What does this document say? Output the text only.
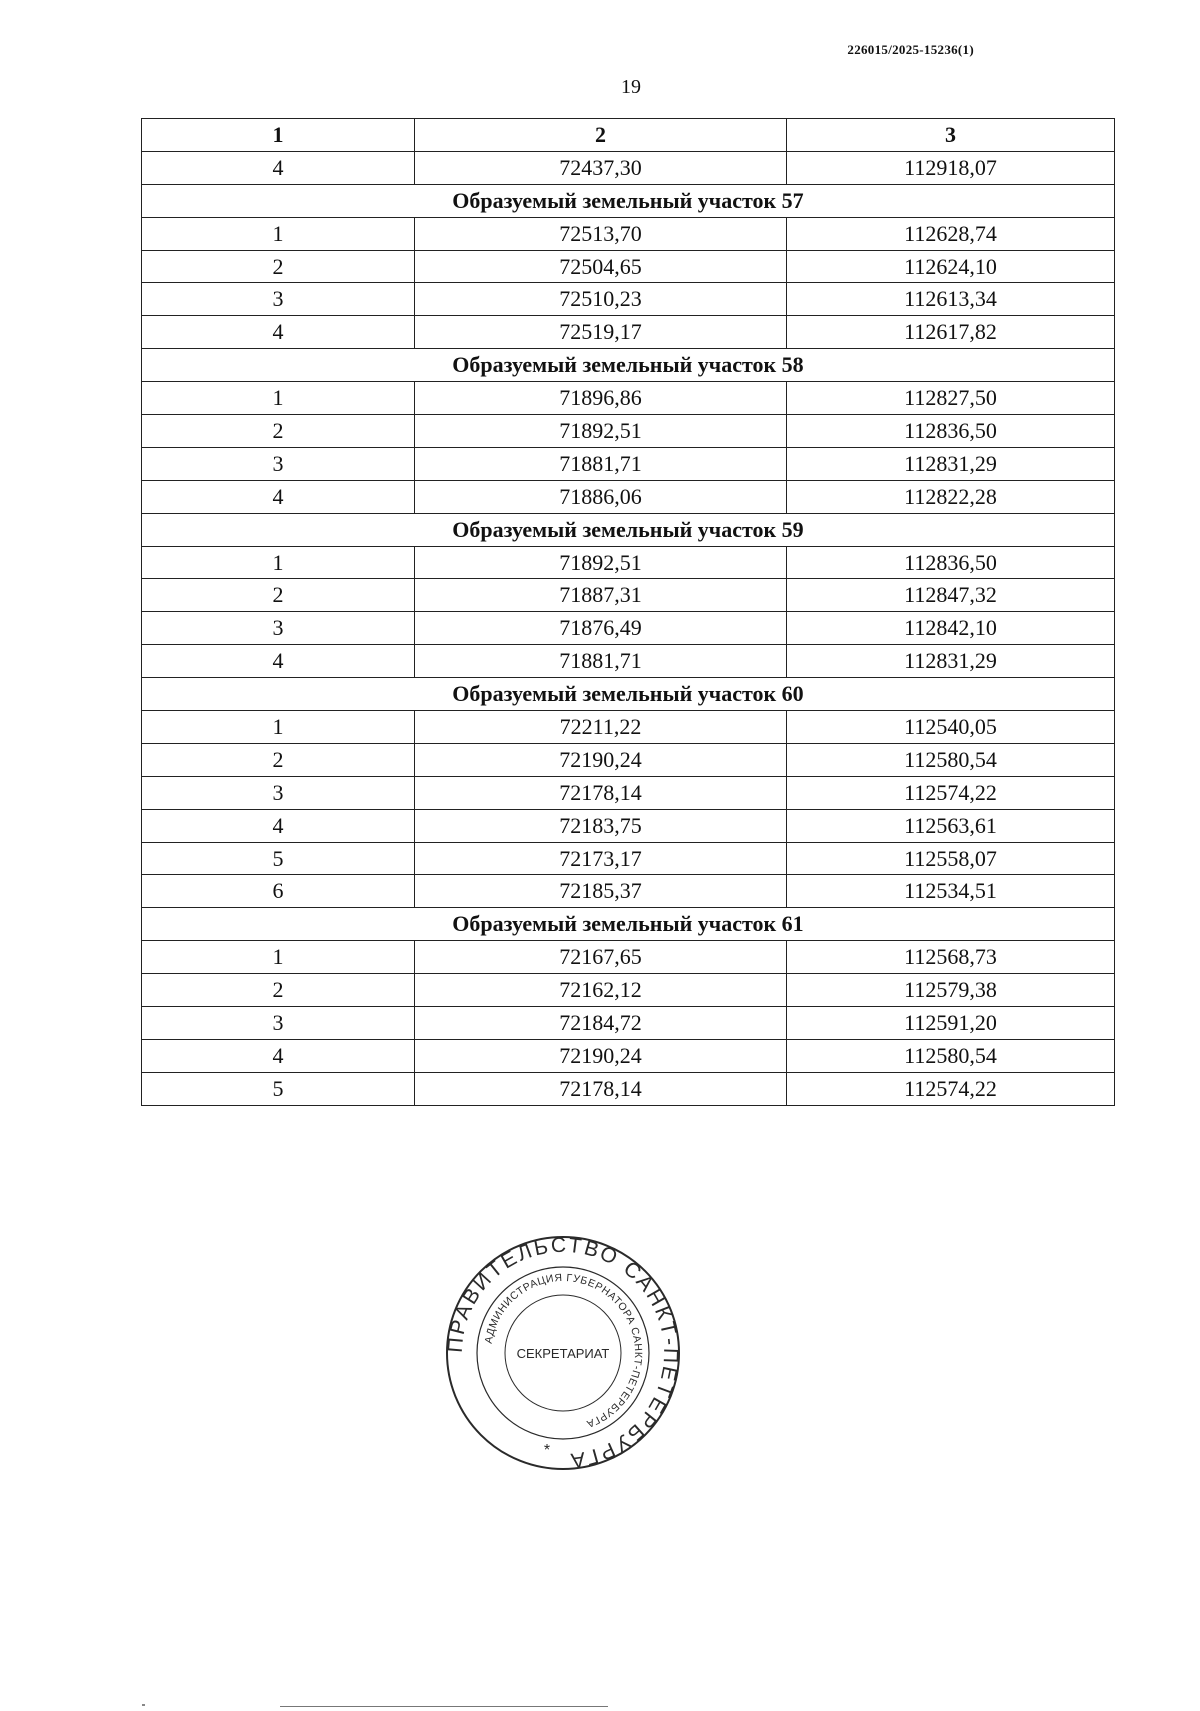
226015/2025-15236(1)
19
1	2	3
4	72437,30	112918,07
Образуемый земельный участок 57		
1	72513,70	112628,74
2	72504,65	112624,10
3	72510,23	112613,34
4	72519,17	112617,82
Образуемый земельный участок 58		
1	71896,86	112827,50
2	71892,51	112836,50
3	71881,71	112831,29
4	71886,06	112822,28
Образуемый земельный участок 59		
1	71892,51	112836,50
2	71887,31	112847,32
3	71876,49	112842,10
4	71881,71	112831,29
Образуемый земельный участок 60		
1	72211,22	112540,05
2	72190,24	112580,54
3	72178,14	112574,22
4	72183,75	112563,61
5	72173,17	112558,07
6	72185,37	112534,51
Образуемый земельный участок 61		
1	72167,65	112568,73
2	72162,12	112579,38
3	72184,72	112591,20
4	72190,24	112580,54
5	72178,14	112574,22
ПРАВИТЕЛЬСТВО САНКТ-ПЕТЕРБУРГА
АДМИНИСТРАЦИЯ ГУБЕРНАТОРА САНКТ-ПЕТЕРБУРГА
СЕКРЕТАРИАТ
*
